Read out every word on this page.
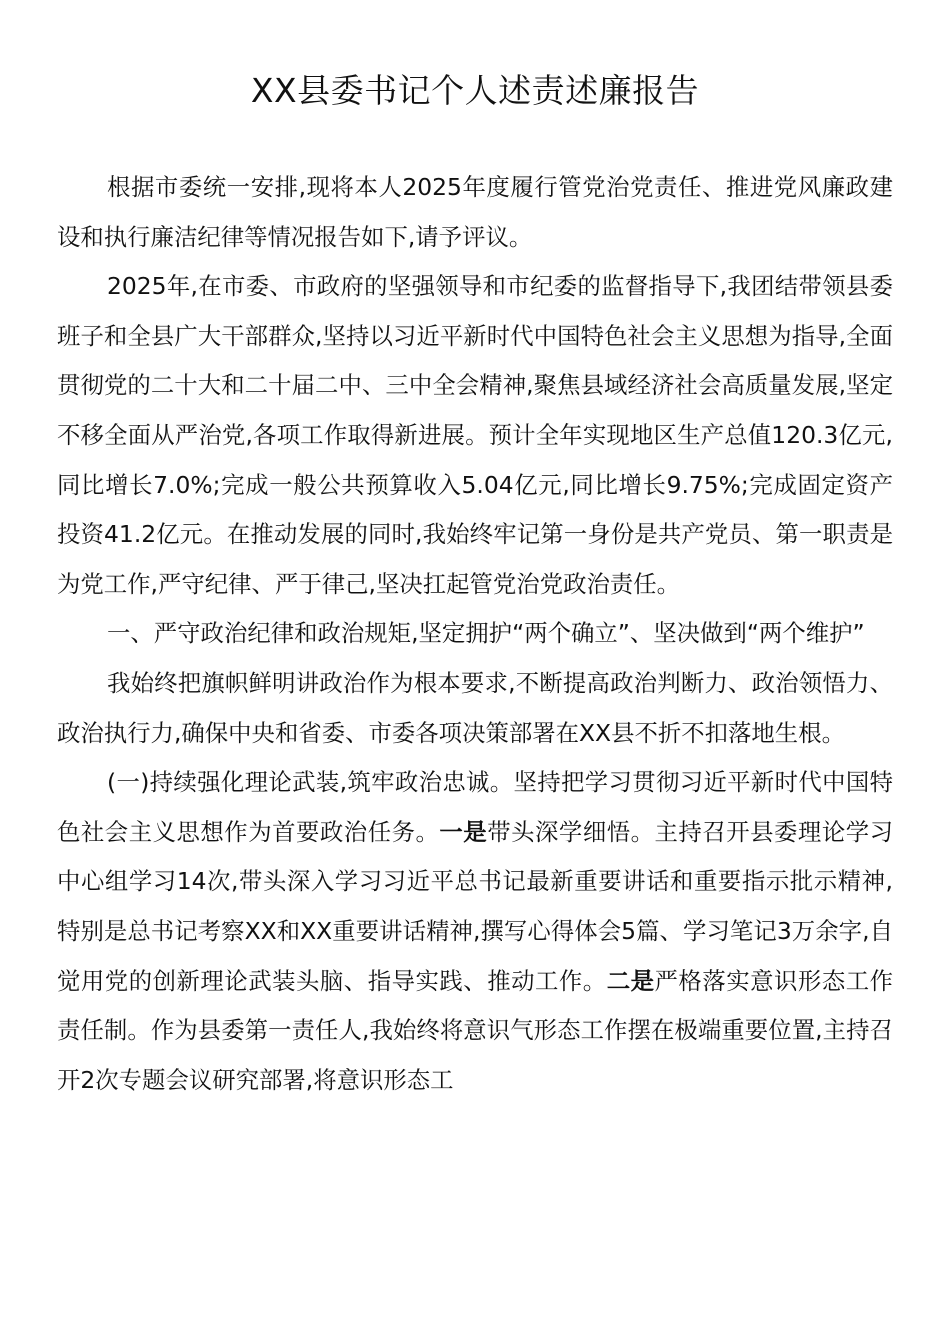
XX县委书记个人述责述廉报告

根据市委统一安排,现将本人2025年度履行管党治党责任、推进党风廉政建设和执行廉洁纪律等情况报告如下,请予评议。

2025年,在市委、市政府的坚强领导和市纪委的监督指导下,我团结带领县委班子和全县广大干部群众,坚持以习近平新时代中国特色社会主义思想为指导,全面贯彻党的二十大和二十届二中、三中全会精神,聚焦县域经济社会高质量发展,坚定不移全面从严治党,各项工作取得新进展。预计全年实现地区生产总值120.3亿元,同比增长7.0%;完成一般公共预算收入5.04亿元,同比增长9.75%;完成固定资产投资41.2亿元。在推动发展的同时,我始终牢记第一身份是共产党员、第一职责是为党工作,严守纪律、严于律己,坚决扛起管党治党政治责任。

一、严守政治纪律和政治规矩,坚定拥护“两个确立”、坚决做到“两个维护”

我始终把旗帜鲜明讲政治作为根本要求,不断提高政治判断力、政治领悟力、政治执行力,确保中央和省委、市委各项决策部署在XX县不折不扣落地生根。

(一)持续强化理论武装,筑牢政治忠诚。坚持把学习贯彻习近平新时代中国特色社会主义思想作为首要政治任务。一是带头深学细悟。主持召开县委理论学习中心组学习14次,带头深入学习习近平总书记最新重要讲话和重要指示批示精神,特别是总书记考察XX和XX重要讲话精神,撰写心得体会5篇、学习笔记3万余字,自觉用党的创新理论武装头脑、指导实践、推动工作。二是严格落实意识形态工作责任制。作为县委第一责任人,我始终将意识气形态工作摆在极端重要位置,主持召开2次专题会议研究部署,将意识形态工
